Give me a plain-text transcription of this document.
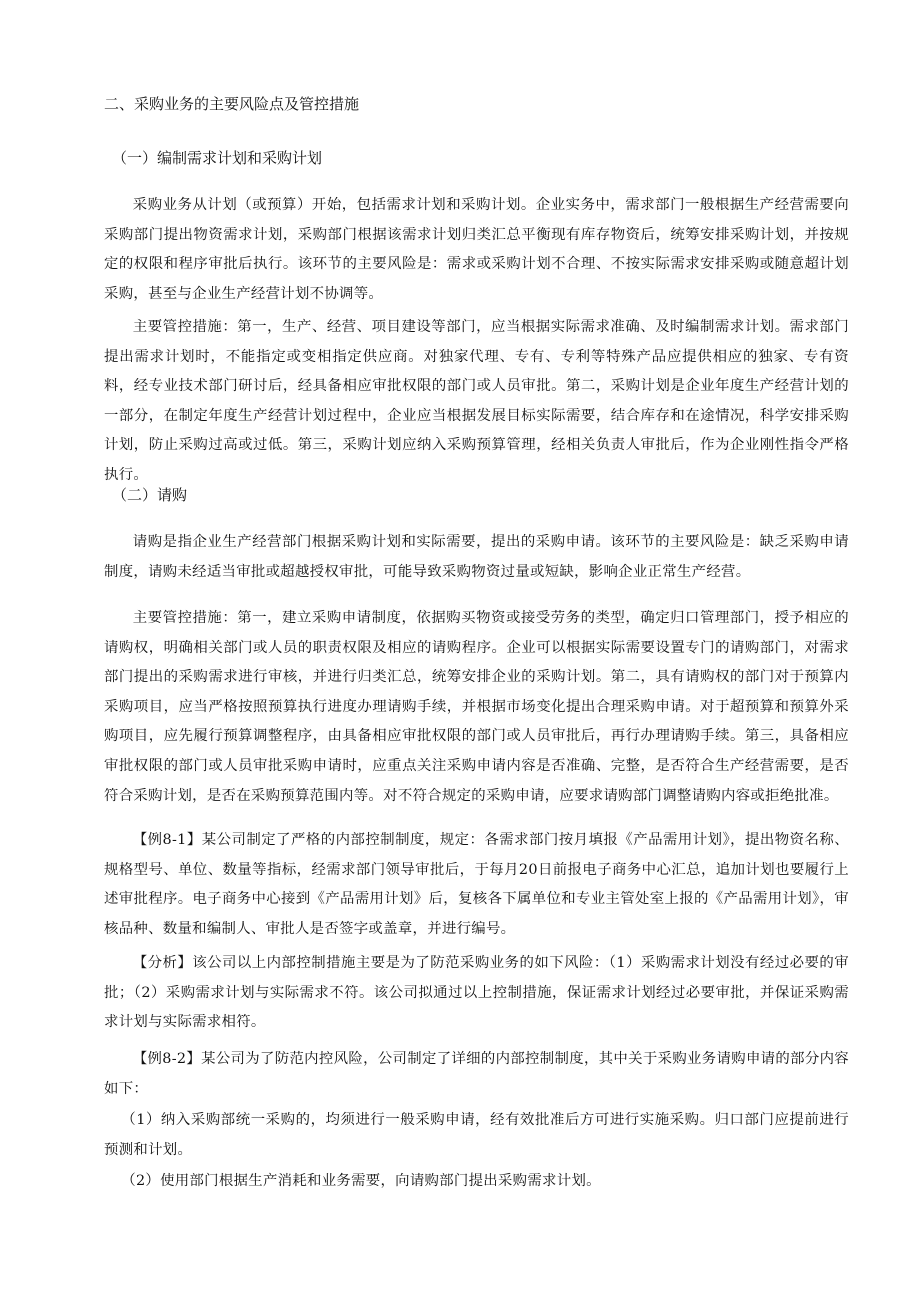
二、采购业务的主要风险点及管控措施
（一）编制需求计划和采购计划

采购业务从计划（或预算）开始，包括需求计划和采购计划。企业实务中，需求部门一般根据生产经营需要向采购部门提出物资需求计划，采购部门根据该需求计划归类汇总平衡现有库存物资后，统筹安排采购计划，并按规定的权限和程序审批后执行。该环节的主要风险是：需求或采购计划不合理、不按实际需求安排采购或随意超计划采购，甚至与企业生产经营计划不协调等。

主要管控措施：第一，生产、经营、项目建设等部门，应当根据实际需求准确、及时编制需求计划。需求部门提出需求计划时，不能指定或变相指定供应商。对独家代理、专有、专利等特殊产品应提供相应的独家、专有资料，经专业技术部门研讨后，经具备相应审批权限的部门或人员审批。第二，采购计划是企业年度生产经营计划的一部分，在制定年度生产经营计划过程中，企业应当根据发展目标实际需要，结合库存和在途情况，科学安排采购计划，防止采购过高或过低。第三，采购计划应纳入采购预算管理，经相关负责人审批后，作为企业刚性指令严格执行。

（二）请购

请购是指企业生产经营部门根据采购计划和实际需要，提出的采购申请。该环节的主要风险是：缺乏采购申请制度，请购未经适当审批或超越授权审批，可能导致采购物资过量或短缺，影响企业正常生产经营。

主要管控措施：第一，建立采购申请制度，依据购买物资或接受劳务的类型，确定归口管理部门，授予相应的请购权，明确相关部门或人员的职责权限及相应的请购程序。企业可以根据实际需要设置专门的请购部门，对需求部门提出的采购需求进行审核，并进行归类汇总，统筹安排企业的采购计划。第二，具有请购权的部门对于预算内采购项目，应当严格按照预算执行进度办理请购手续，并根据市场变化提出合理采购申请。对于超预算和预算外采购项目，应先履行预算调整程序，由具备相应审批权限的部门或人员审批后，再行办理请购手续。第三，具备相应审批权限的部门或人员审批采购申请时，应重点关注采购申请内容是否准确、完整，是否符合生产经营需要，是否符合采购计划，是否在采购预算范围内等。对不符合规定的采购申请，应要求请购部门调整请购内容或拒绝批准。

【例8-1】某公司制定了严格的内部控制制度，规定：各需求部门按月填报《产品需用计划》，提出物资名称、规格型号、单位、数量等指标，经需求部门领导审批后，于每月20日前报电子商务中心汇总，追加计划也要履行上述审批程序。电子商务中心接到《产品需用计划》后，复核各下属单位和专业主管处室上报的《产品需用计划》，审核品种、数量和编制人、审批人是否签字或盖章，并进行编号。

【分析】该公司以上内部控制措施主要是为了防范采购业务的如下风险：（1）采购需求计划没有经过必要的审批；（2）采购需求计划与实际需求不符。该公司拟通过以上控制措施，保证需求计划经过必要审批，并保证采购需求计划与实际需求相符。

【例8-2】某公司为了防范内控风险，公司制定了详细的内部控制制度，其中关于采购业务请购申请的部分内容如下：

（1）纳入采购部统一采购的，均须进行一般采购申请，经有效批准后方可进行实施采购。归口部门应提前进行预测和计划。

（2）使用部门根据生产消耗和业务需要，向请购部门提出采购需求计划。
